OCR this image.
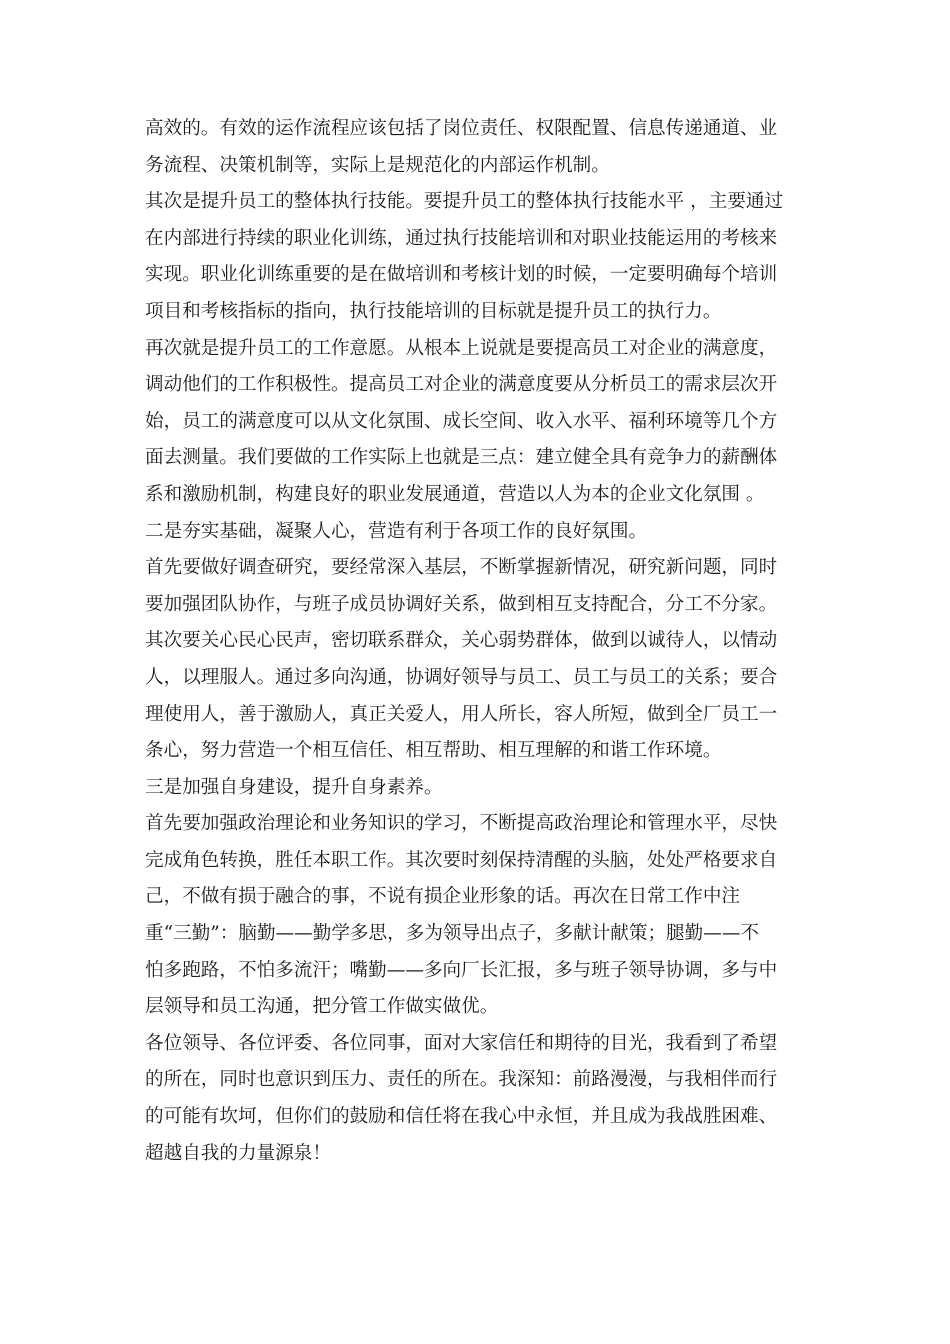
高效的。有效的运作流程应该包括了岗位责任、权限配置、信息传递通道、业
务流程、决策机制等，实际上是规范化的内部运作机制。
其次是提升员工的整体执行技能。要提升员工的整体执行技能水平 ，主要通过
在内部进行持续的职业化训练，通过执行技能培训和对职业技能运用的考核来
实现。职业化训练重要的是在做培训和考核计划的时候，一定要明确每个培训
项目和考核指标的指向，执行技能培训的目标就是提升员工的执行力。
再次就是提升员工的工作意愿。从根本上说就是要提高员工对企业的满意度，
调动他们的工作积极性。提高员工对企业的满意度要从分析员工的需求层次开
始，员工的满意度可以从文化氛围、成长空间、收入水平、福利环境等几个方
面去测量。我们要做的工作实际上也就是三点：建立健全具有竞争力的薪酬体
系和激励机制，构建良好的职业发展通道，营造以人为本的企业文化氛围 。
二是夯实基础，凝聚人心，营造有利于各项工作的良好氛围。
首先要做好调查研究，要经常深入基层，不断掌握新情况，研究新问题，同时
要加强团队协作，与班子成员协调好关系，做到相互支持配合，分工不分家。
其次要关心民心民声，密切联系群众，关心弱势群体，做到以诚待人，以情动
人，以理服人。通过多向沟通，协调好领导与员工、员工与员工的关系；要合
理使用人，善于激励人，真正关爱人，用人所长，容人所短，做到全厂员工一
条心，努力营造一个相互信任、相互帮助、相互理解的和谐工作环境。
三是加强自身建设，提升自身素养。
首先要加强政治理论和业务知识的学习，不断提高政治理论和管理水平，尽快
完成角色转换，胜任本职工作。其次要时刻保持清醒的头脑，处处严格要求自
己，不做有损于融合的事，不说有损企业形象的话。再次在日常工作中注
重“三勤”：脑勤——勤学多思，多为领导出点子，多献计献策；腿勤——不
怕多跑路，不怕多流汗；嘴勤——多向厂长汇报，多与班子领导协调，多与中
层领导和员工沟通，把分管工作做实做优。
各位领导、各位评委、各位同事，面对大家信任和期待的目光，我看到了希望
的所在，同时也意识到压力、责任的所在。我深知：前路漫漫，与我相伴而行
的可能有坎坷，但你们的鼓励和信任将在我心中永恒，并且成为我战胜困难、
超越自我的力量源泉！
